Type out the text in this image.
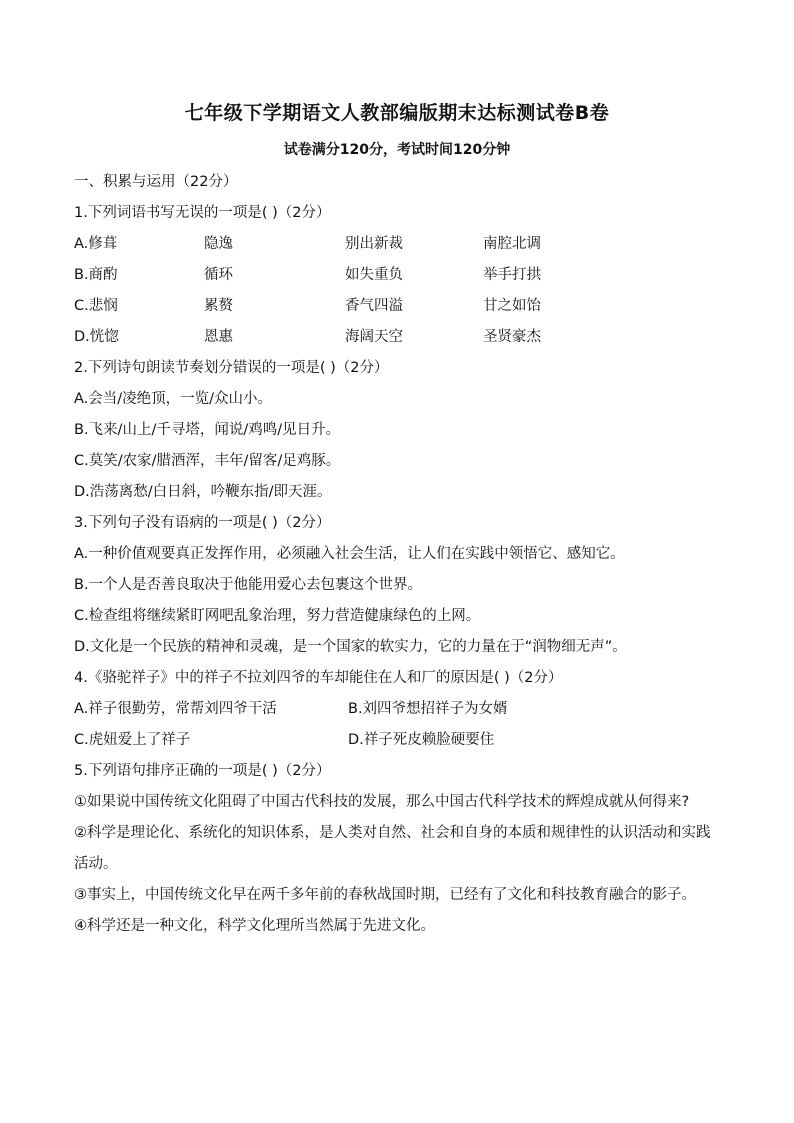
七年级下学期语文人教部编版期末达标测试卷B卷
试卷满分120分，考试时间120分钟
一、积累与运用（22分）
1.下列词语书写无误的一项是( )（2分）
A.修葺	隐逸	别出新裁	南腔北调
B.商酌	循环	如失重负	举手打拱
C.悲悯	累赘	香气四溢	甘之如饴
D.恍惚	恩惠	海阔天空	圣贤豪杰
2.下列诗句朗读节奏划分错误的一项是( )（2分）
A.会当/凌绝顶，一览/众山小。
B.飞来/山上/千寻塔，闻说/鸡鸣/见日升。
C.莫笑/农家/腊酒浑，丰年/留客/足鸡豚。
D.浩荡离愁/白日斜，吟鞭东指/即天涯。
3.下列句子没有语病的一项是( )（2分）
A.一种价值观要真正发挥作用，必须融入社会生活，让人们在实践中领悟它、感知它。
B.一个人是否善良取决于他能用爱心去包裹这个世界。
C.检查组将继续紧盯网吧乱象治理，努力营造健康绿色的上网。
D.文化是一个民族的精神和灵魂，是一个国家的软实力，它的力量在于“润物细无声”。
4.《骆驼祥子》中的祥子不拉刘四爷的车却能住在人和厂的原因是( )（2分）
A.祥子很勤劳，常帮刘四爷干活	B.刘四爷想招祥子为女婿
C.虎妞爱上了祥子	D.祥子死皮赖脸硬要住
5.下列语句排序正确的一项是( )（2分）
①如果说中国传统文化阻碍了中国古代科技的发展，那么中国古代科学技术的辉煌成就从何得来?
②科学是理论化、系统化的知识体系，是人类对自然、社会和自身的本质和规律性的认识活动和实践活动。
③事实上，中国传统文化早在两千多年前的春秋战国时期，已经有了文化和科技教育融合的影子。
④科学还是一种文化，科学文化理所当然属于先进文化。
